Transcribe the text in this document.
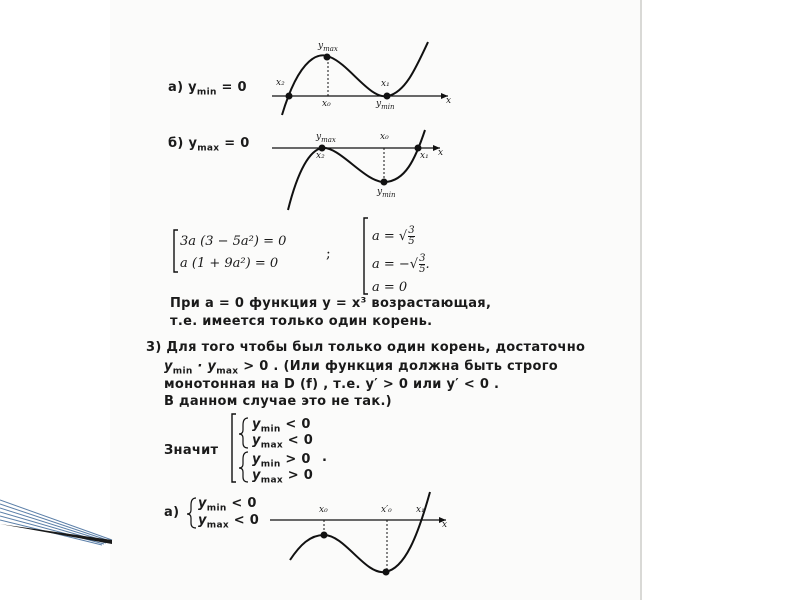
а) $y_{min} = 0$
$y_{max}$
x₂
x₀
x₁
$y_{min}$
x
б) $y_{max} = 0$	$y_{max}$	x₀
x₂	x₁
$y_{min}$
x
3a (3 − 5a²) = 0
a (1 + 9a²) = 0
;
a = √ $\frac{3}{5}$
a = −√ $\frac{3}{5}$ .
a = 0
При a = 0 функция y = x³ возрастающая,
т.е. имеется только один корень.
3) Для того чтобы был только один корень, достаточно
$y_{min} \cdot y_{max} > 0$ . (Или функция должна быть строго
монотонная на D (f) , т.е. y′ > 0 или y′ < 0 .
В данном случае это не так.)
Значит
$y_{min} < 0$
$y_{max} < 0$
$y_{min} > 0$
$y_{max} > 0$
.
а)
$y_{min} < 0$
$y_{max} < 0$
x₀	x′₀	x₁
x
